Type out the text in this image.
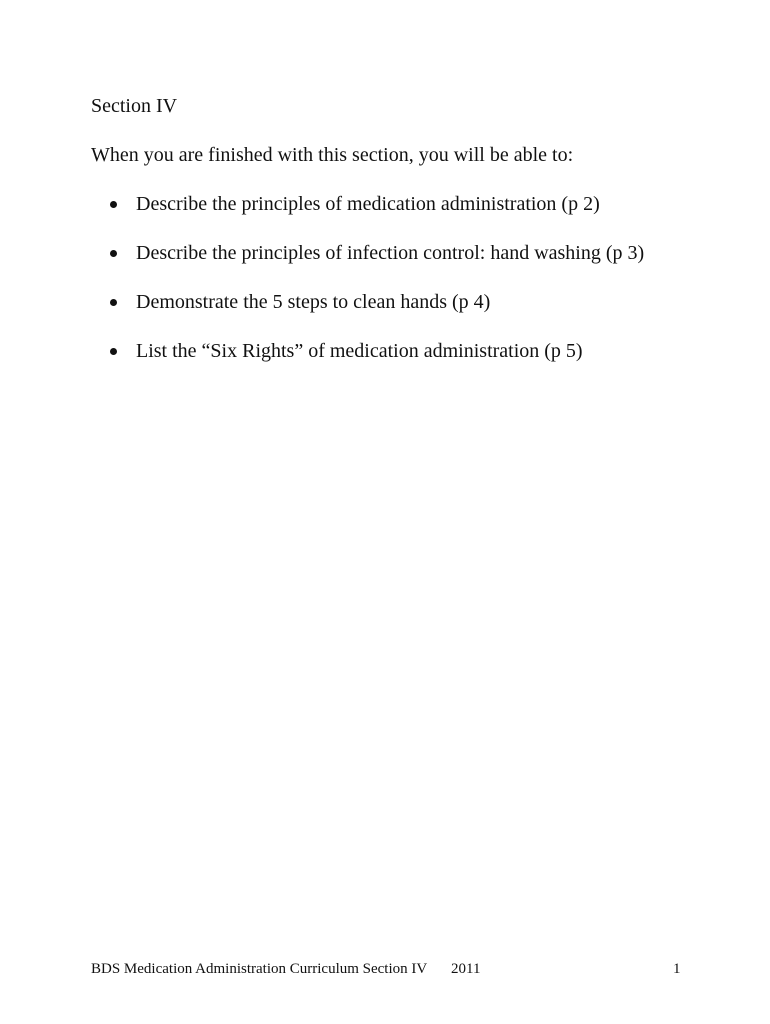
Section IV
When you are finished with this section, you will be able to:
Describe the principles of medication administration (p 2)
Describe the principles of infection control: hand washing (p 3)
Demonstrate the 5 steps to clean hands (p 4)
List the “Six Rights” of medication administration (p 5)
BDS Medication Administration Curriculum Section IV 2011	1
